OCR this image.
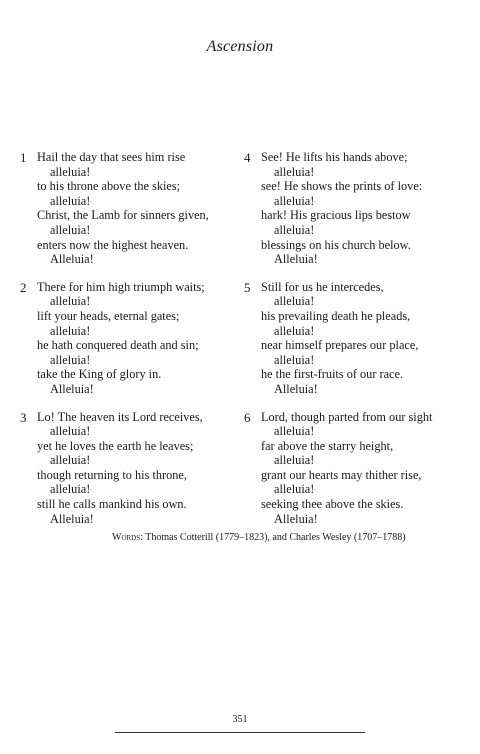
Ascension
1 Hail the day that sees him rise
alleluia!
to his throne above the skies;
alleluia!
Christ, the Lamb for sinners given,
alleluia!
enters now the highest heaven.
Alleluia!
2 There for him high triumph waits;
alleluia!
lift your heads, eternal gates;
alleluia!
he hath conquered death and sin;
alleluia!
take the King of glory in.
Alleluia!
3 Lo! The heaven its Lord receives,
alleluia!
yet he loves the earth he leaves;
alleluia!
though returning to his throne,
alleluia!
still he calls mankind his own.
Alleluia!
4 See! He lifts his hands above;
alleluia!
see! He shows the prints of love:
alleluia!
hark! His gracious lips bestow
alleluia!
blessings on his church below.
Alleluia!
5 Still for us he intercedes,
alleluia!
his prevailing death he pleads,
alleluia!
near himself prepares our place,
alleluia!
he the first-fruits of our race.
Alleluia!
6 Lord, though parted from our sight
alleluia!
far above the starry height,
alleluia!
grant our hearts may thither rise,
alleluia!
seeking thee above the skies.
Alleluia!
Words: Thomas Cotterill (1779–1823), and Charles Wesley (1707–1788)
351
